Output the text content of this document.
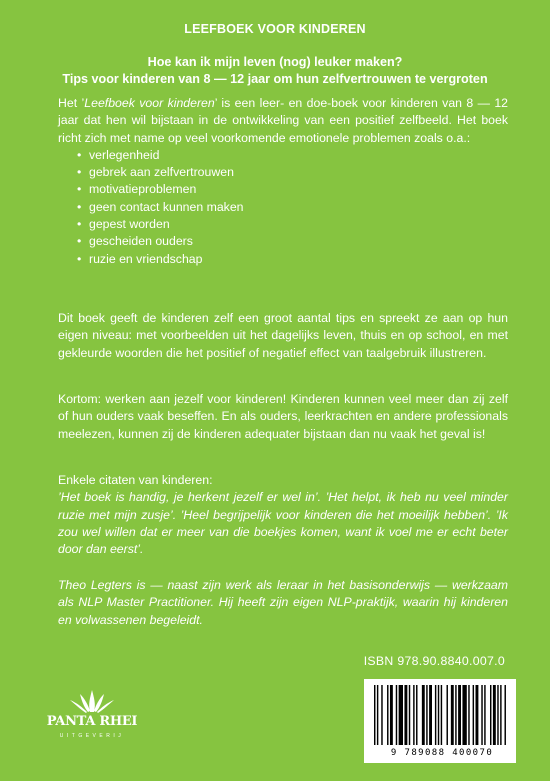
LEEFBOEK VOOR KINDEREN
Hoe kan ik mijn leven (nog) leuker maken?
Tips voor kinderen van 8 — 12 jaar om hun zelfvertrouwen te vergroten

Het ’Leefboek voor kinderen’ is een leer- en doe-boek voor kinderen van 8 — 12 jaar dat hen wil bijstaan in de ontwikkeling van een positief zelfbeeld. Het boek richt zich met name op veel voorkomende emotionele problemen zoals o.a.:

• verlegenheid
• gebrek aan zelfvertrouwen
• motivatieproblemen
• geen contact kunnen maken
• gepest worden
• gescheiden ouders
• ruzie en vriendschap
Dit boek geeft de kinderen zelf een groot aantal tips en spreekt ze aan op hun eigen niveau: met voorbeelden uit het dagelijks leven, thuis en op school, en met gekleurde woorden die het positief of negatief effect van taalgebruik illustreren.
Kortom: werken aan jezelf voor kinderen! Kinderen kunnen veel meer dan zij zelf of hun ouders vaak beseffen. En als ouders, leerkrachten en andere professionals meelezen, kunnen zij de kinderen adequater bijstaan dan nu vaak het geval is!

Enkele citaten van kinderen:

’Het boek is handig, je herkent jezelf er wel in’. ’Het helpt, ik heb nu veel minder ruzie met mijn zusje’. ’Heel begrijpelijk voor kinderen die het moeilijk hebben’. ’Ik zou wel willen dat er meer van die boekjes komen, want ik voel me er echt beter door dan eerst’.

Theo Legters is — naast zijn werk als leraar in het basisonderwijs — werkzaam als NLP Master Practitioner. Hij heeft zijn eigen NLP-praktijk, waarin hij kinderen en volwassenen begeleidt.
ISBN 978.90.8840.007.0
PANTA RHEI
UITGEVERIJ
9 789088 400070
